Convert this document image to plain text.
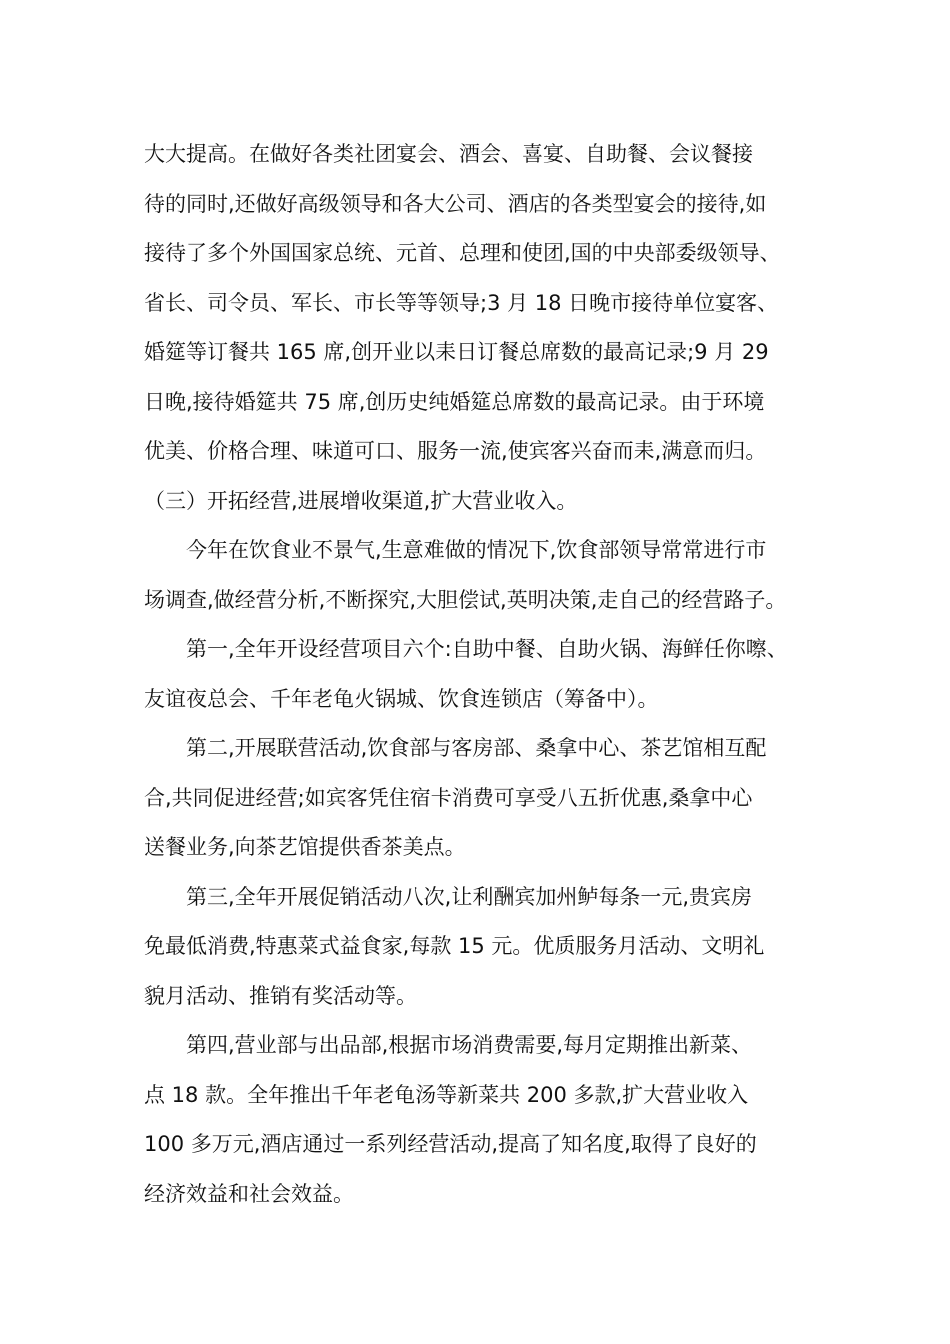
大大提高。在做好各类社团宴会、酒会、喜宴、自助餐、会议餐接
待的同时,还做好高级领导和各大公司、酒店的各类型宴会的接待,如
接待了多个外国国家总统、元首、总理和使团,国的中央部委级领导、
省长、司令员、军长、市长等等领导;3 月 18 日晚市接待单位宴客、
婚筵等订餐共 165 席,创开业以耒日订餐总席数的最高记录;9 月 29
日晚,接待婚筵共 75 席,创历史纯婚筵总席数的最高记录。由于环境
优美、价格合理、味道可口、服务一流,使宾客兴奋而耒,满意而归。

（三）开拓经营,进展增收渠道,扩大营业收入。

今年在饮食业不景气,生意难做的情况下,饮食部领导常常进行市
场调查,做经营分析,不断探究,大胆偿试,英明决策,走自己的经营路子。

第一,全年开设经营项目六个:自助中餐、自助火锅、海鲜任你嚓、
友谊夜总会、千年老龟火锅城、饮食连锁店（筹备中）。

第二,开展联营活动,饮食部与客房部、桑拿中心、茶艺馆相互配
合,共同促进经营;如宾客凭住宿卡消费可享受八五折优惠,桑拿中心
送餐业务,向茶艺馆提供香茶美点。

第三,全年开展促销活动八次,让利酬宾加州鲈每条一元,贵宾房
免最低消费,特惠菜式益食家,每款 15 元。优质服务月活动、文明礼
貌月活动、推销有奖活动等。

第四,营业部与出品部,根据市场消费需要,每月定期推出新菜、
点 18 款。全年推出千年老龟汤等新菜共 200 多款,扩大营业收入
100 多万元,酒店通过一系列经营活动,提高了知名度,取得了良好的
经济效益和社会效益。
